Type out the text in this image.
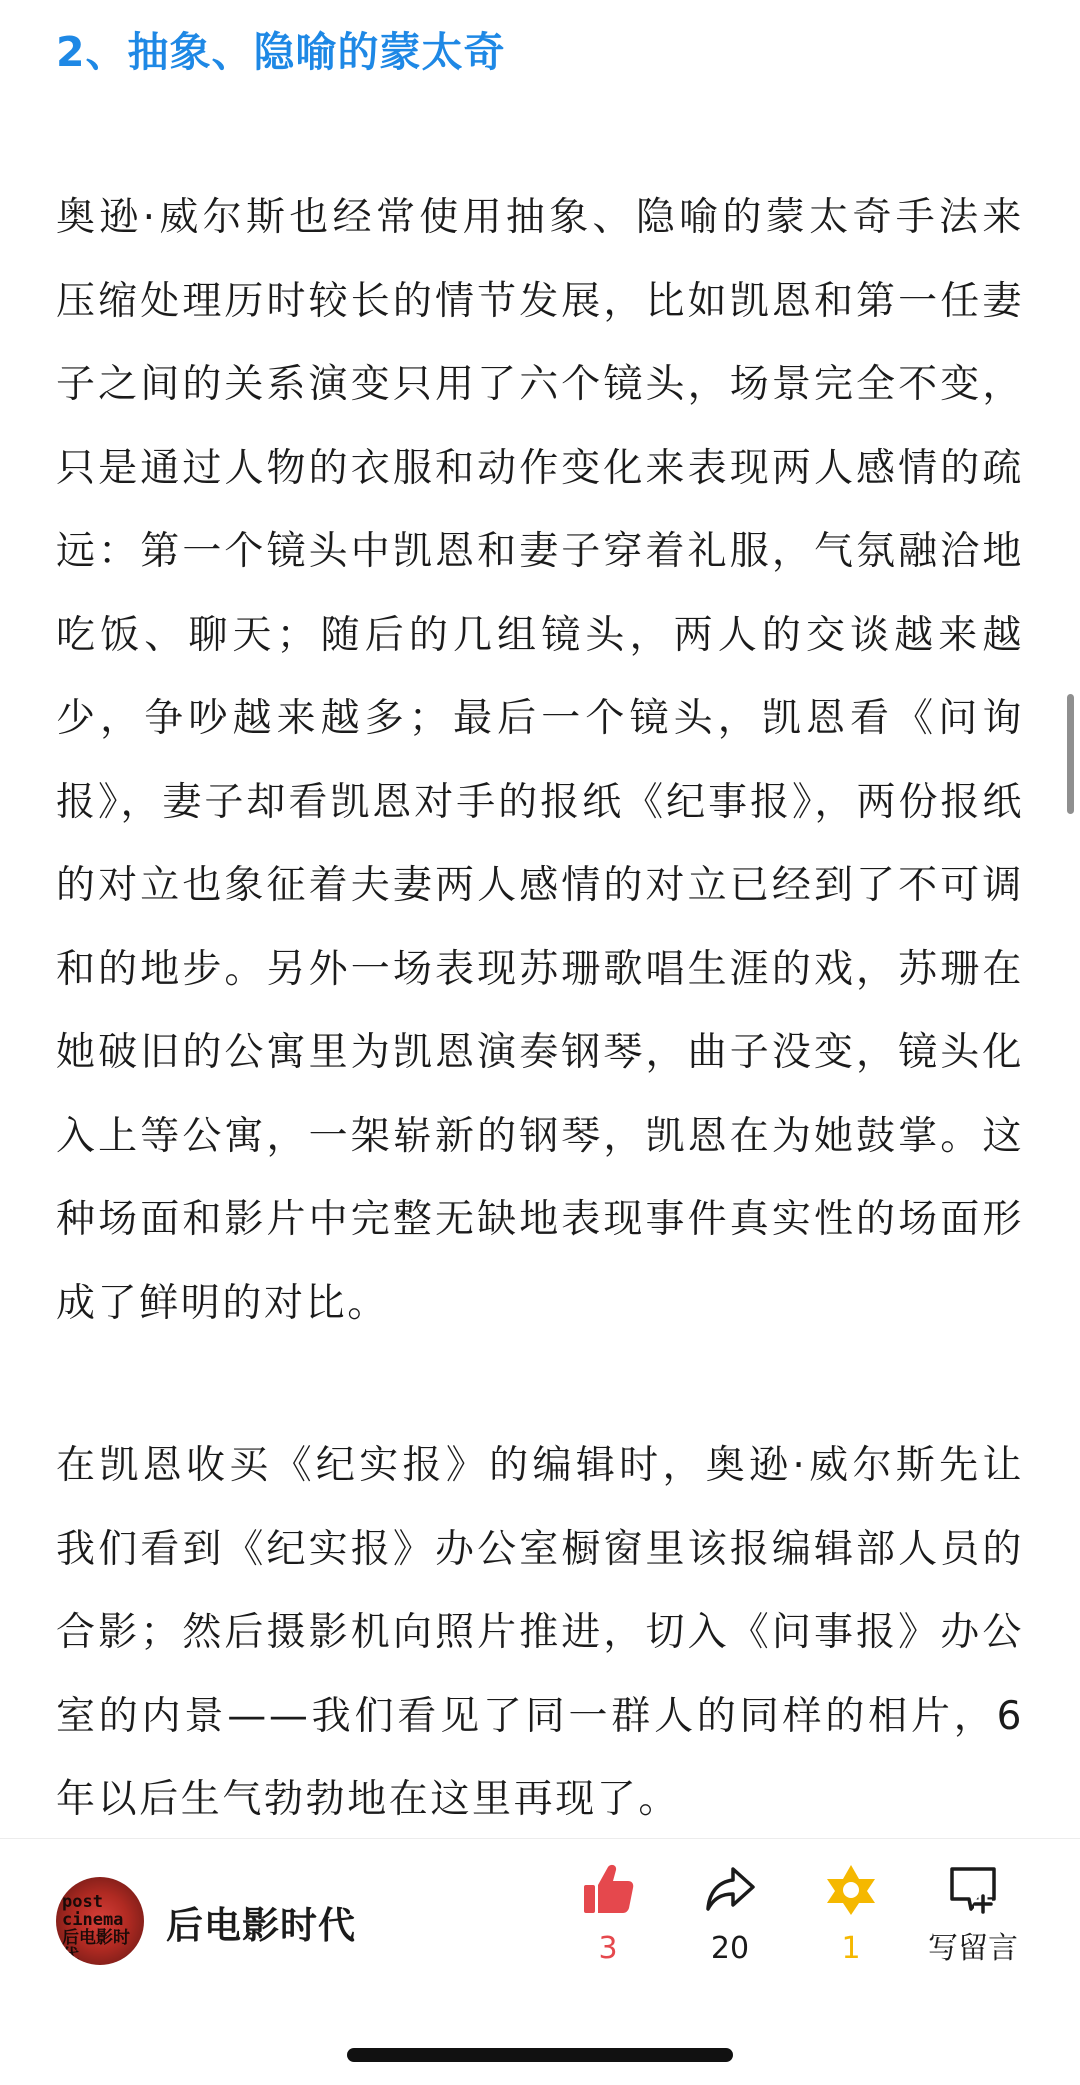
2、抽象、隐喻的蒙太奇

奥逊·威尔斯也经常使用抽象、隐喻的蒙太奇手法来压缩处理历时较长的情节发展，比如凯恩和第一任妻子之间的关系演变只用了六个镜头，场景完全不变，只是通过人物的衣服和动作变化来表现两人感情的疏远：第一个镜头中凯恩和妻子穿着礼服，气氛融洽地吃饭、聊天；随后的几组镜头，两人的交谈越来越少，争吵越来越多；最后一个镜头，凯恩看《问询报》，妻子却看凯恩对手的报纸《纪事报》，两份报纸的对立也象征着夫妻两人感情的对立已经到了不可调和的地步。另外一场表现苏珊歌唱生涯的戏，苏珊在她破旧的公寓里为凯恩演奏钢琴，曲子没变，镜头化入上等公寓，一架崭新的钢琴，凯恩在为她鼓掌。这种场面和影片中完整无缺地表现事件真实性的场面形成了鲜明的对比。

在凯恩收买《纪实报》的编辑时，奥逊·威尔斯先让我们看到《纪实报》办公室橱窗里该报编辑部人员的合影；然后摄影机向照片推进，切入《问事报》办公室的内景——我们看见了同一群人的同样的相片，6年以后生气勃勃地在这里再现了。

post cinema 后电影时代
后电影时代
3	20	1	写留言
